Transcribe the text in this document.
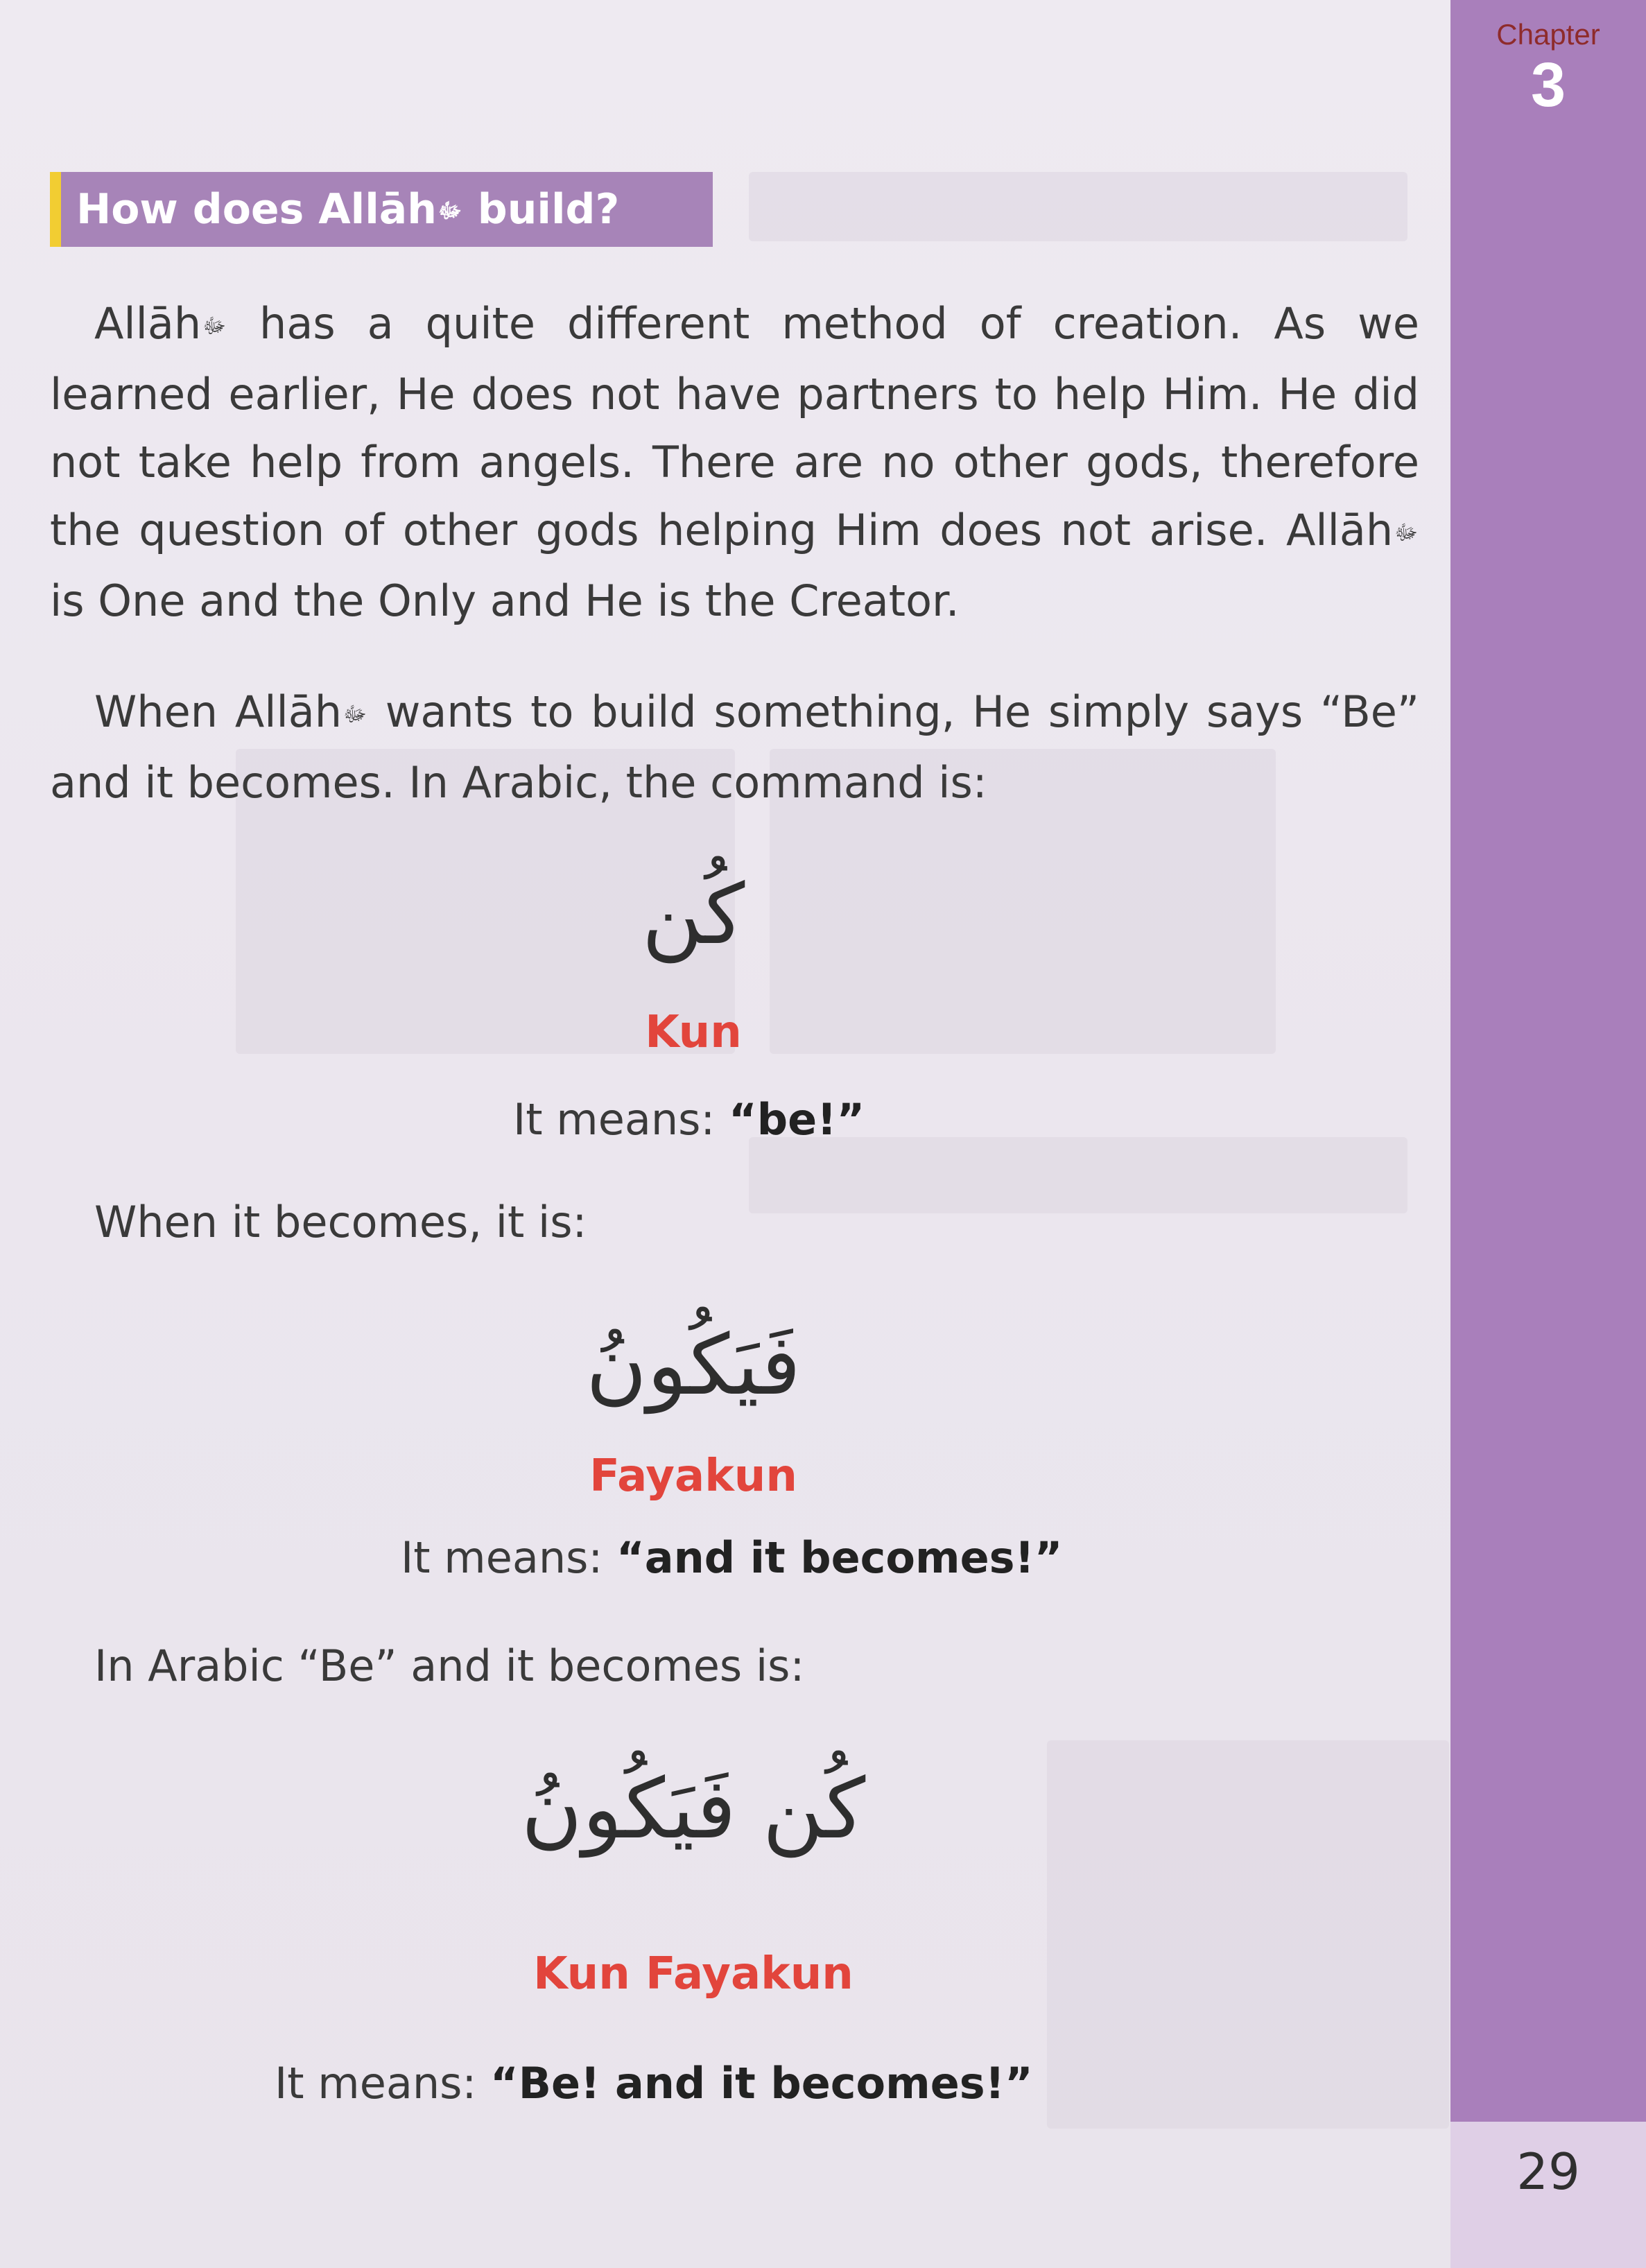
Chapter
3
29
How does Allāhﷻ build?
Allāhﷻ has a quite different method of creation. As we learned earlier, He does not have partners to help Him. He did not take help from angels. There are no other gods, therefore the question of other gods helping Him does not arise. Allāhﷻ is One and the Only and He is the Creator.
When Allāhﷻ wants to build something, He simply says “Be” and it becomes. In Arabic, the command is:
كُن
Kun
It means: “be!”
When it becomes, it is:
فَيَكُونُ
Fayakun
It means: “and it becomes!”
In Arabic “Be” and it becomes is:
كُن فَيَكُونُ
Kun Fayakun
It means: “Be! and it becomes!”
